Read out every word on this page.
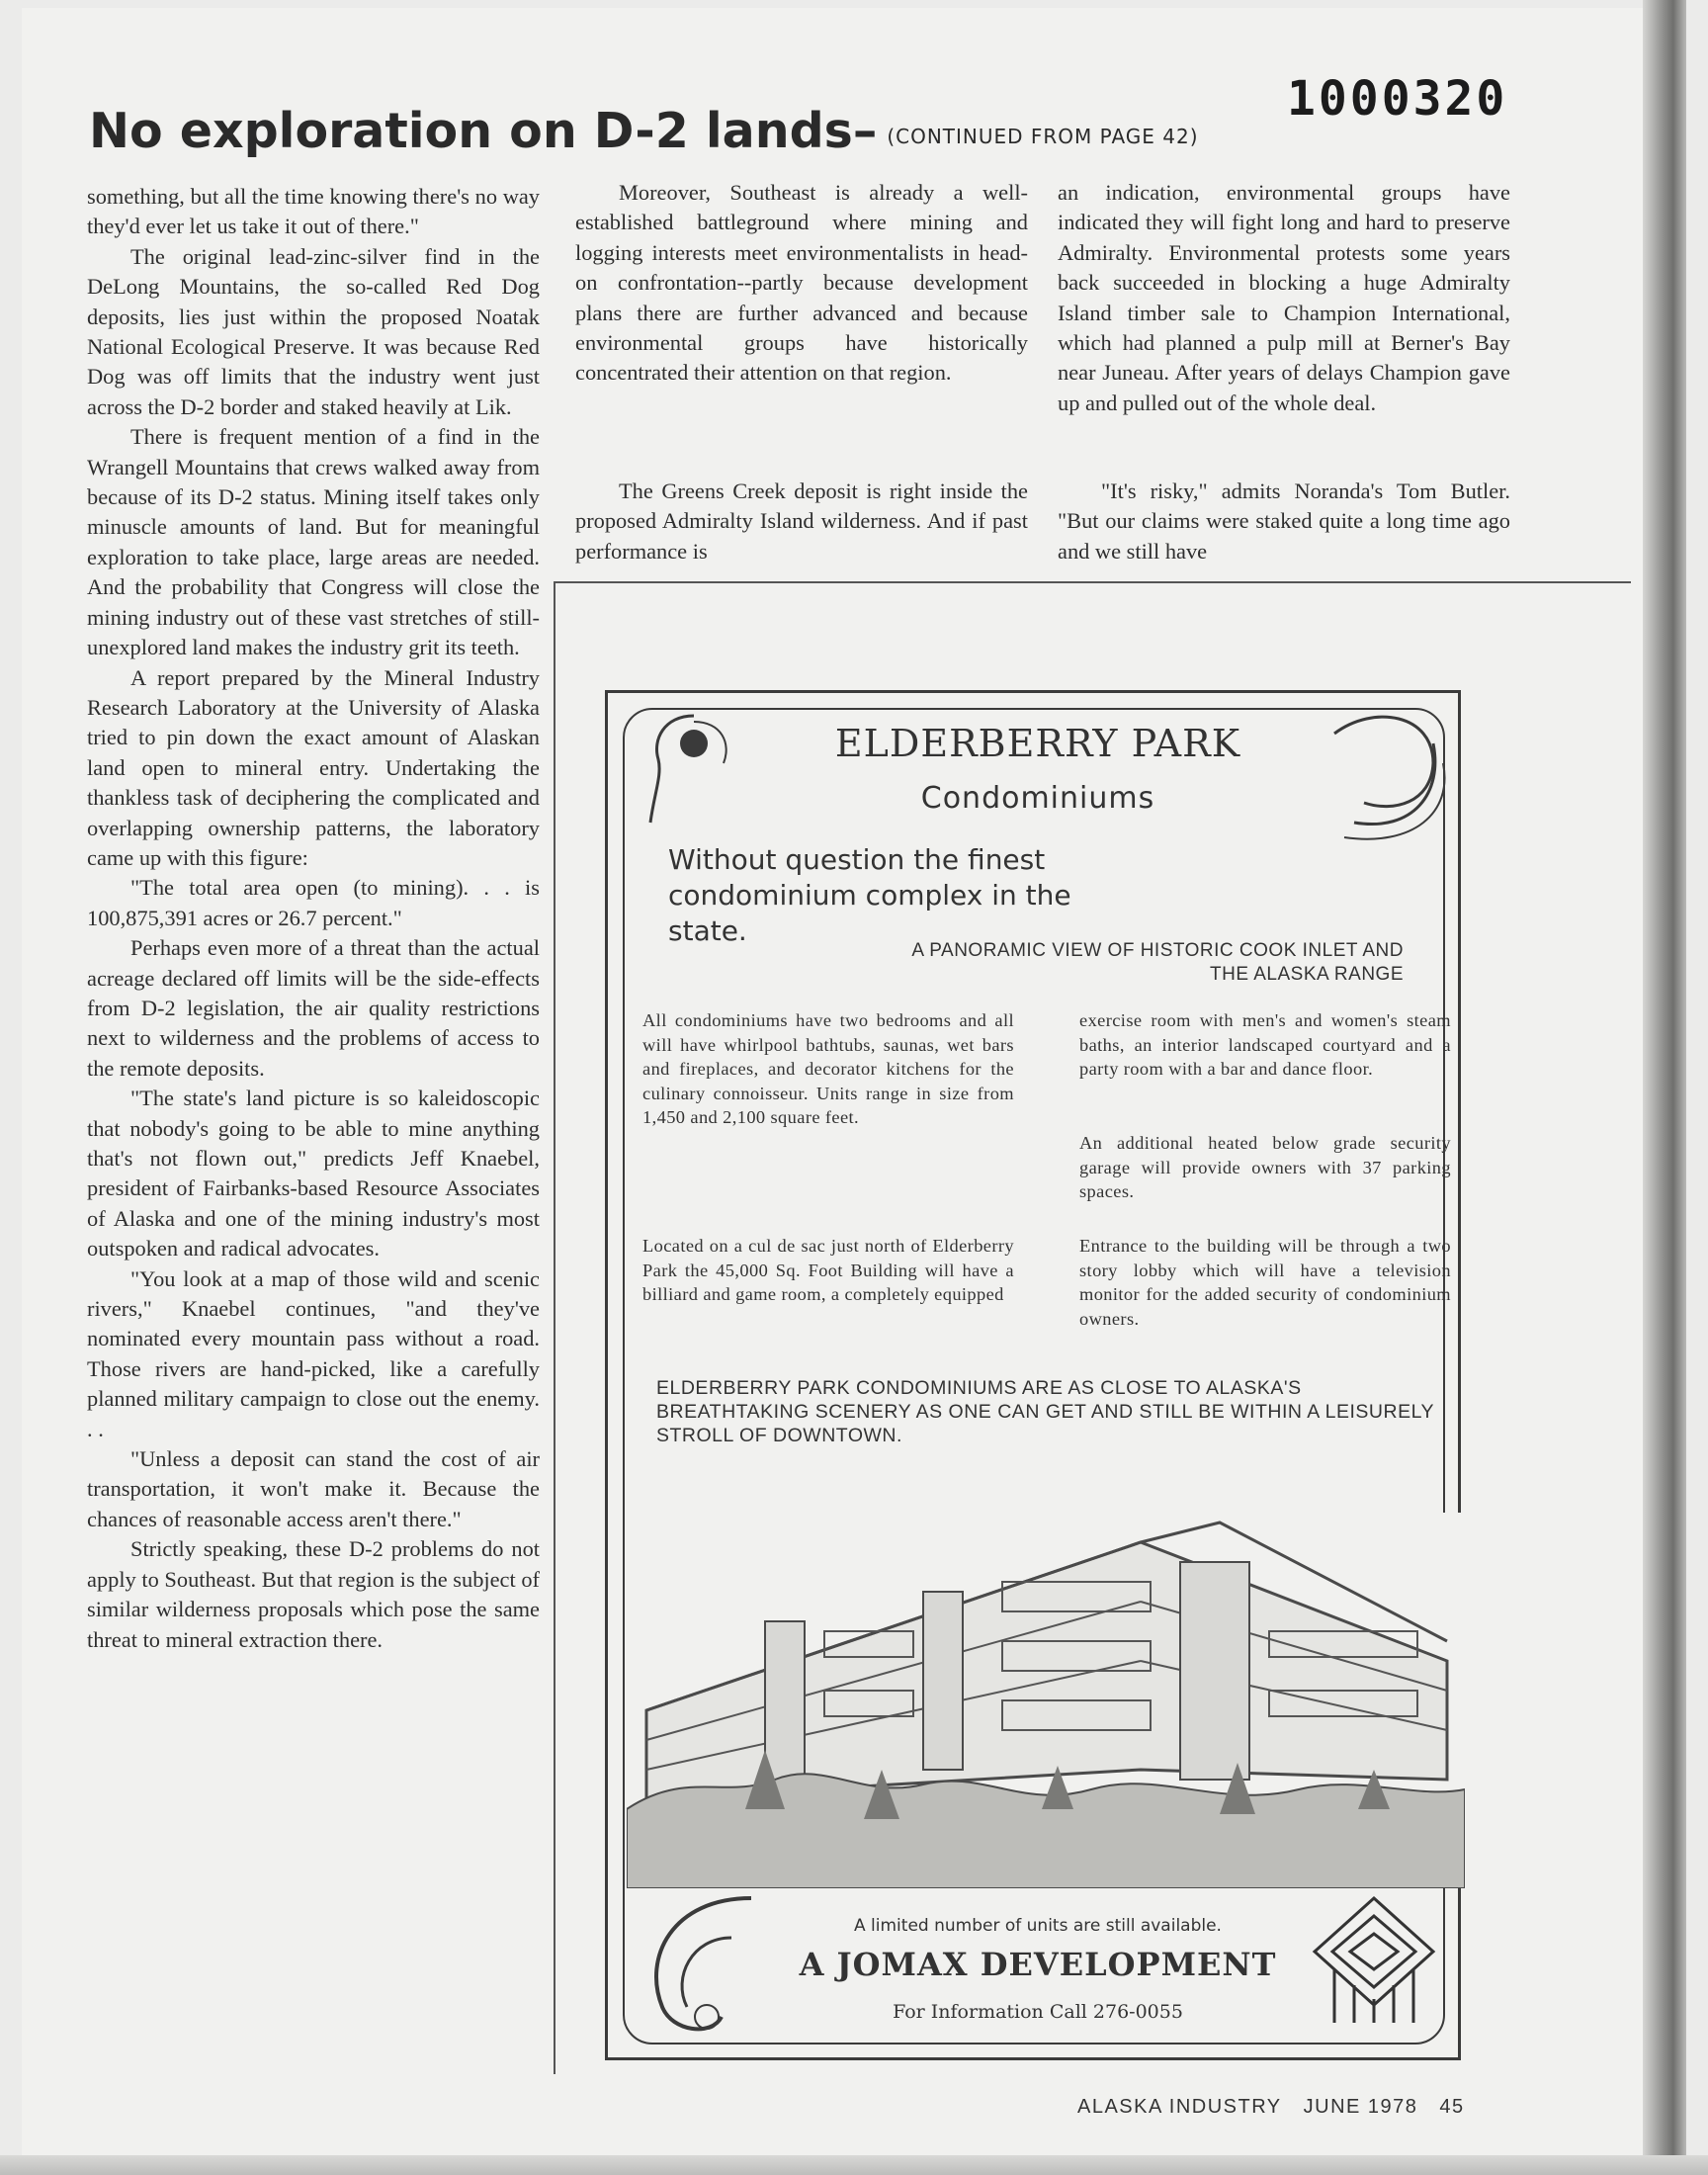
1000320
No exploration on D-2 lands– (CONTINUED FROM PAGE 42)

something, but all the time knowing there's no way they'd ever let us take it out of there."

The original lead-zinc-silver find in the DeLong Mountains, the so-called Red Dog deposits, lies just within the proposed Noatak National Ecological Preserve. It was because Red Dog was off limits that the industry went just across the D-2 border and staked heavily at Lik.

There is frequent mention of a find in the Wrangell Mountains that crews walked away from because of its D-2 status. Mining itself takes only minuscle amounts of land. But for meaningful exploration to take place, large areas are needed. And the probability that Congress will close the mining industry out of these vast stretches of still-unexplored land makes the industry grit its teeth.

A report prepared by the Mineral Industry Research Laboratory at the University of Alaska tried to pin down the exact amount of Alaskan land open to mineral entry. Undertaking the thankless task of deciphering the complicated and overlapping ownership patterns, the laboratory came up with this figure:

"The total area open (to mining). . . is 100,875,391 acres or 26.7 percent."

Perhaps even more of a threat than the actual acreage declared off limits will be the side-effects from D-2 legislation, the air quality restrictions next to wilderness and the problems of access to the remote deposits.

"The state's land picture is so kaleidoscopic that nobody's going to be able to mine anything that's not flown out," predicts Jeff Knaebel, president of Fairbanks-based Resource Associates of Alaska and one of the mining industry's most outspoken and radical advocates.

"You look at a map of those wild and scenic rivers," Knaebel continues, "and they've nominated every mountain pass without a road. Those rivers are hand-picked, like a carefully planned military campaign to close out the enemy. . .

"Unless a deposit can stand the cost of air transportation, it won't make it. Because the chances of reasonable access aren't there."

Strictly speaking, these D-2 problems do not apply to Southeast. But that region is the subject of similar wilderness proposals which pose the same threat to mineral extraction there.

Moreover, Southeast is already a well-established battleground where mining and logging interests meet environmentalists in head-on confrontation--partly because development plans there are further advanced and because environmental groups have historically concentrated their attention on that region.

The Greens Creek deposit is right inside the proposed Admiralty Island wilderness. And if past performance is

an indication, environmental groups have indicated they will fight long and hard to preserve Admiralty. Environmental protests some years back succeeded in blocking a huge Admiralty Island timber sale to Champion International, which had planned a pulp mill at Berner's Bay near Juneau. After years of delays Champion gave up and pulled out of the whole deal.

"It's risky," admits Noranda's Tom Butler. "But our claims were staked quite a long time ago and we still have

ELDERBERRY PARK
Condominiums
Without question the finest condominium complex in the state.
A PANORAMIC VIEW OF HISTORIC COOK INLET AND THE ALASKA RANGE
All condominiums have two bedrooms and all will have whirlpool bathtubs, saunas, wet bars and fireplaces, and decorator kitchens for the culinary connoisseur. Units range in size from 1,450 and 2,100 square feet.
Located on a cul de sac just north of Elderberry Park the 45,000 Sq. Foot Building will have a billiard and game room, a completely equipped
exercise room with men's and women's steam baths, an interior landscaped courtyard and a party room with a bar and dance floor.
An additional heated below grade security garage will provide owners with 37 parking spaces.
Entrance to the building will be through a two story lobby which will have a television monitor for the added security of condominium owners.
ELDERBERRY PARK CONDOMINIUMS ARE AS CLOSE TO ALASKA'S BREATHTAKING SCENERY AS ONE CAN GET AND STILL BE WITHIN A LEISURELY STROLL OF DOWNTOWN.
A limited number of units are still available.
A JOMAX DEVELOPMENT
For Information Call 276-0055
ALASKA INDUSTRY JUNE 1978 45
